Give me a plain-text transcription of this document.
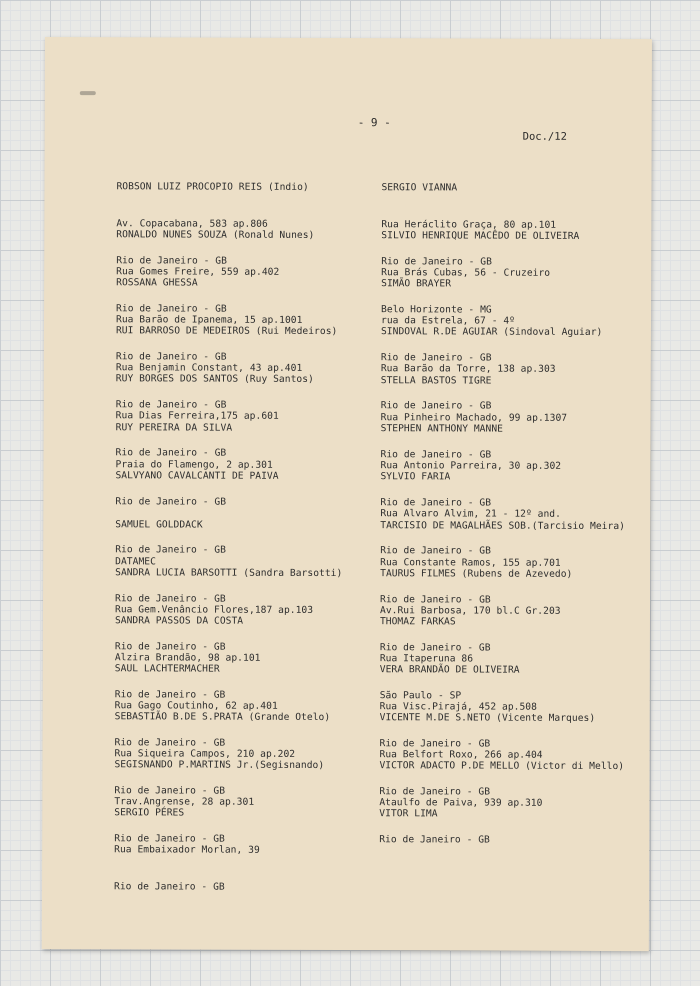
- 9 -
Doc./12

ROBSON LUIZ PROCOPIO REIS (Indio)

Av. Copacabana, 583 ap.806

Rio de Janeiro - GB

RONALDO NUNES SOUZA (Ronald Nunes)

Rua Gomes Freire, 559 ap.402

Rio de Janeiro - GB

ROSSANA GHESSA

Rua Barão de Ipanema, 15 ap.1001

Rio de Janeiro - GB

RUI BARROSO DE MEDEIROS (Rui Medeiros)

Rua Benjamin Constant, 43 ap.401

Rio de Janeiro - GB

RUY BORGES DOS SANTOS (Ruy Santos)

Rua Dias Ferreira,175 ap.601

Rio de Janeiro - GB

RUY PEREIRA DA SILVA

Praia do Flamengo, 2 ap.301

Rio de Janeiro - GB

SALVYANO CAVALCANTI DE PAIVA

​

Rio de Janeiro - GB

SAMUEL GOLDDACK

DATAMEC

Rio de Janeiro - GB

SANDRA LUCIA BARSOTTI (Sandra Barsotti)

Rua Gem.Venâncio Flores,187 ap.103

Rio de Janeiro - GB

SANDRA PASSOS DA COSTA

Alzira Brandão, 98 ap.101

Rio de Janeiro - GB

SAUL LACHTERMACHER

Rua Gago Coutinho, 62 ap.401

Rio de Janeiro - GB

SEBASTIÃO B.DE S.PRATA (Grande Otelo)

Rua Siqueira Campos, 210 ap.202

Rio de Janeiro - GB

SEGISNANDO P.MARTINS Jr.(Segisnando)

Trav.Angrense, 28 ap.301

Rio de Janeiro - GB

SERGIO PÉRES

Rua Embaixador Morlan, 39

Rio de Janeiro - GB

SERGIO VIANNA

Rua Heráclito Graça, 80 ap.101

Rio de Janeiro - GB

SILVIO HENRIQUE MACÊDO DE OLIVEIRA

Rua Brás Cubas, 56 - Cruzeiro

Belo Horizonte - MG

SIMÃO BRAYER

rua da Estrela, 67 - 4º

Rio de Janeiro - GB

SINDOVAL R.DE AGUIAR (Sindoval Aguiar)

Rua Barão da Torre, 138 ap.303

Rio de Janeiro - GB

STELLA BASTOS TIGRE

Rua Pinheiro Machado, 99 ap.1307

Rio de Janeiro - GB

STEPHEN ANTHONY MANNE

Rua Antonio Parreira, 30 ap.302

Rio de Janeiro - GB

SYLVIO FARIA

Rua Alvaro Alvim, 21 - 12º and.

Rio de Janeiro - GB

TARCISIO DE MAGALHÃES SOB.(Tarcisio Meira)

Rua Constante Ramos, 155 ap.701

Rio de Janeiro - GB

TAURUS FILMES (Rubens de Azevedo)

Av.Rui Barbosa, 170 bl.C Gr.203

Rio de Janeiro - GB

THOMAZ FARKAS

Rua Itaperuna 86

São Paulo - SP

VERA BRANDÃO DE OLIVEIRA

Rua Visc.Pirajá, 452 ap.508

Rio de Janeiro - GB

VICENTE M.DE S.NETO (Vicente Marques)

Rua Belfort Roxo, 266 ap.404

Rio de Janeiro - GB

VICTOR ADACTO P.DE MELLO (Victor di Mello)

Ataulfo de Paiva, 939 ap.310

Rio de Janeiro - GB

VITOR LIMA

​

​
